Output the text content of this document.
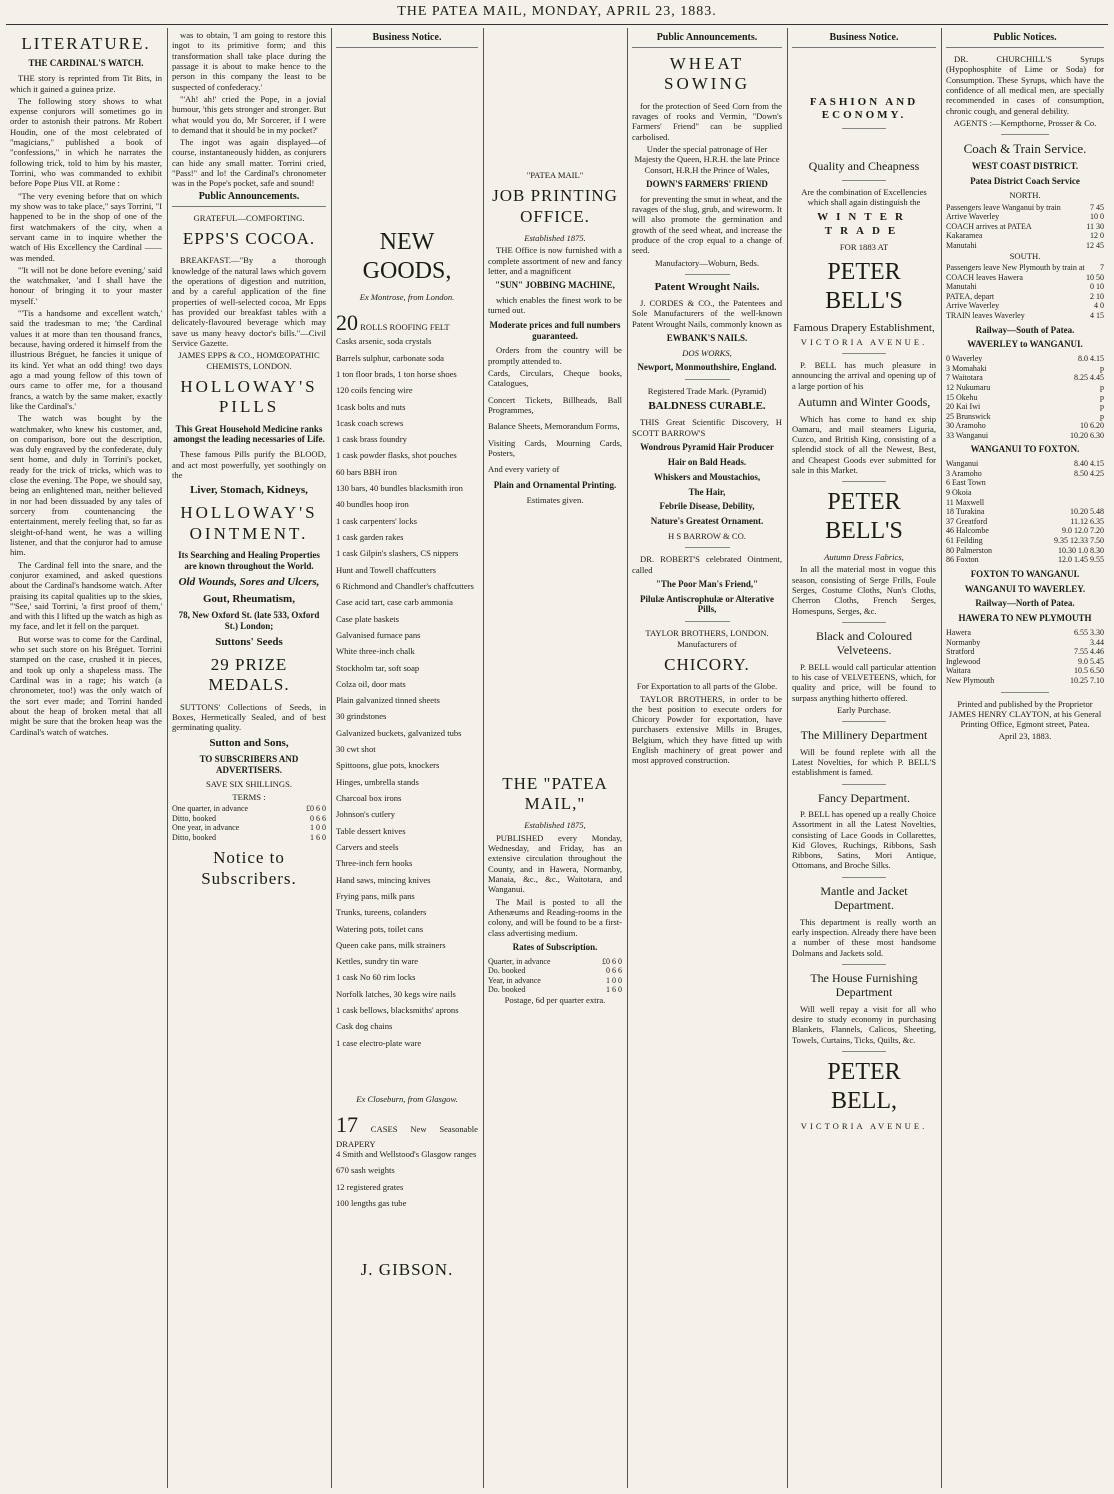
THE PATEA MAIL, MONDAY, APRIL 23, 1883.
LITERATURE.
THE CARDINAL'S WATCH.

THE story is reprinted from Tit Bits, in which it gained a guinea prize.

The following story shows to what expense conjurors will sometimes go in order to astonish their patrons. Mr Robert Houdin, one of the most celebrated of "magicians," published a book of "confessions," in which he narrates the following trick, told to him by his master, Torrini, who was commanded to exhibit before Pope Pius VII. at Rome :

"The very evening before that on which my show was to take place," says Torrini, "I happened to be in the shop of one of the first watchmakers of the city, when a servant came in to inquire whether the watch of His Excellency the Cardinal —— was mended.

"'It will not be done before evening,' said the watchmaker, 'and I shall have the honour of bringing it to your master myself.'

"'Tis a handsome and excellent watch,' said the tradesman to me; 'the Cardinal values it at more than ten thousand francs, because, having ordered it himself from the illustrious Bréguet, he fancies it unique of its kind. Yet what an odd thing! two days ago a mad young fellow of this town of ours came to offer me, for a thousand francs, a watch by the same maker, exactly like the Cardinal's.'

The watch was bought by the watchmaker, who knew his customer, and, on comparison, bore out the description, was duly engraved by the confederate, duly sent home, and duly in Torrini's pocket, ready for the trick of tricks, which was to close the evening. The Pope, we should say, being an enlightened man, neither believed in nor had been dissuaded by any tales of sorcery from countenancing the entertainment, merely feeling that, so far as sleight-of-hand went, he was a willing listener, and that the conjuror had to amuse him.

The Cardinal fell into the snare, and the conjuror examined, and asked questions about the Cardinal's handsome watch. After praising its capital qualities up to the skies, "'See,' said Torrini, 'a first proof of them,' and with this I lifted up the watch as high as my face, and let it fell on the parquet.

But worse was to come for the Cardinal, who set such store on his Bréguet. Torrini stamped on the case, crushed it in pieces, and took up only a shapeless mass. The Cardinal was in a rage; his watch (a chronometer, too!) was the only watch of the sort ever made; and Torrini handed about the heap of broken metal that all might be sure that the broken heap was the Cardinal's watch of watches.

was to obtain, 'I am going to restore this ingot to its primitive form; and this transformation shall take place during the passage it is about to make hence to the person in this company the least to be suspected of confederacy.'

"'Ah! ah!' cried the Pope, in a jovial humour, 'this gets stronger and stronger. But what would you do, Mr Sorcerer, if I were to demand that it should be in my pocket?'

The ingot was again displayed—of course, instantaneously hidden, as conjurers can hide any small matter. Torrini cried, "Pass!" and lo! the Cardinal's chronometer was in the Pope's pocket, safe and sound!

Public Announcements.

GRATEFUL—COMFORTING.

EPPS'S COCOA.

BREAKFAST.—"By a thorough knowledge of the natural laws which govern the operations of digestion and nutrition, and by a careful application of the fine properties of well-selected cocoa, Mr Epps has provided our breakfast tables with a delicately-flavoured beverage which may save us many heavy doctor's bills."—Civil Service Gazette.

JAMES EPPS & CO., HOMŒOPATHIC CHEMISTS, LONDON.

HOLLOWAY'S PILLS
This Great Household Medicine ranks amongst the leading necessaries of Life.

These famous Pills purify the BLOOD, and act most powerfully, yet soothingly on the

Liver, Stomach, Kidneys,
HOLLOWAY'S OINTMENT.
Its Searching and Healing Properties are known throughout the World.
Old Wounds, Sores and Ulcers,
Gout, Rheumatism,
78, New Oxford St. (late 533, Oxford St.) London;
Suttons' Seeds
29 PRIZE MEDALS.

SUTTONS' Collections of Seeds, in Boxes, Hermetically Sealed, and of best germinating quality.

Sutton and Sons,
TO SUBSCRIBERS AND ADVERTISERS.

SAVE SIX SHILLINGS.

TERMS :

One quarter, in advance	£0 6 0
Ditto, booked	0 6 6
One year, in advance	1 0 0
Ditto, booked	1 6 0
Notice to Subscribers.
Business Notice.
NEW GOODS,

Ex Montrose, from London.

20 ROLLS ROOFING FELT

Casks arsenic, soda crystals

Barrels sulphur, carbonate soda

1 ton floor brads, 1 ton horse shoes

120 coils fencing wire

1cask bolts and nuts

1cask coach screws

1 cask brass foundry

1 cask powder flasks, shot pouches

60 bars BBH iron

130 bars, 40 bundles blacksmith iron

40 bundles hoop iron

1 cask carpenters' locks

1 cask garden rakes

1 cask Gilpin's slashers, CS nippers

Hunt and Towell chaffcutters

6 Richmond and Chandler's chaffcutters

Case acid tart, case carb ammonia

Case plate baskets

Galvanised furnace pans

White three-inch chalk

Stockholm tar, soft soap

Colza oil, door mats

Plain galvanized tinned sheets

30 grindstones

Galvanized buckets, galvanized tubs

30 cwt shot

Spittoons, glue pots, knockers

Hinges, umbrella stands

Charcoal box irons

Johnson's cutlery

Table dessert knives

Carvers and steels

Three-inch fern hooks

Hand saws, mincing knives

Frying pans, milk pans

Trunks, tureens, colanders

Watering pots, toilet cans

Queen cake pans, milk strainers

Kettles, sundry tin ware

1 cask No 60 rim locks

Norfolk latches, 30 kegs wire nails

1 cask bellows, blacksmiths' aprons

Cask dog chains

1 case electro-plate ware

Ex Closeburn, from Glasgow.

17 CASES New Seasonable DRAPERY

4 Smith and Wellstood's Glasgow ranges

670 sash weights

12 registered grates

100 lengths gas tube

J. GIBSON.

"PATEA MAIL"

JOB PRINTING OFFICE.

Established 1875.

THE Office is now furnished with a complete assortment of new and fancy letter, and a magnificent

"SUN" JOBBING MACHINE,

which enables the finest work to be turned out.

Moderate prices and full numbers guaranteed.

Orders from the country will be promptly attended to.

Cards, Circulars, Cheque books, Catalogues,

Concert Tickets, Billheads, Ball Programmes,

Balance Sheets, Memorandum Forms,

Visiting Cards, Mourning Cards, Posters,

And every variety of

Plain and Ornamental Printing.

Estimates given.

THE "PATEA MAIL,"

Established 1875,

PUBLISHED every Monday, Wednesday, and Friday, has an extensive circulation throughout the County, and in Hawera, Normanby, Manaia, &c., &c., Waitotara, and Wanganui.

The Mail is posted to all the Athenæums and Reading-rooms in the colony, and will be found to be a first-class advertising medium.

Rates of Subscription.
Quarter, in advance	£0 6 0
Do. booked	0 6 6
Year, in advance	1 0 0
Do. booked	1 6 0

Postage, 6d per quarter extra.

Public Announcements.
WHEAT SOWING

for the protection of Seed Corn from the ravages of rooks and Vermin, "Down's Farmers' Friend" can be supplied carbolised.

Under the special patronage of Her Majesty the Queen, H.R.H. the late Prince Consort, H.R.H the Prince of Wales,

DOWN'S FARMERS' FRIEND

for preventing the smut in wheat, and the ravages of the slug, grub, and wireworm. It will also promote the germination and growth of the seed wheat, and increase the produce of the crop equal to a change of seed.

Manufactory—Woburn, Beds.

Patent Wrought Nails.

J. CORDES & CO., the Patentees and Sole Manufacturers of the well-known Patent Wrought Nails, commonly known as

EWBANK'S NAILS.

DOS WORKS,

Newport, Monmouthshire, England.

Registered Trade Mark. (Pyramid)

BALDNESS CURABLE.

THIS Great Scientific Discovery, H SCOTT BARROW'S

Wondrous Pyramid Hair Producer
Hair on Bald Heads.
Whiskers and Moustachios,
The Hair,
Febrile Disease, Debility,
Nature's Greatest Ornament.

H S BARROW & CO.

DR. ROBERT'S celebrated Ointment, called

"The Poor Man's Friend,"
Pilulæ Antiscrophulæ or Alterative Pills,

TAYLOR BROTHERS, LONDON. Manufacturers of

CHICORY.

For Exportation to all parts of the Globe.

TAYLOR BROTHERS, in order to be the best position to execute orders for Chicory Powder for exportation, have purchasers extensive Mills in Bruges, Belgium, which they have fitted up with English machinery of great power and most approved construction.

Business Notice.
FASHION AND ECONOMY.
Quality and Cheapness

Are the combination of Excellencies which shall again distinguish the

WINTER TRADE

FOR 1883 AT

PETER BELL'S

Famous Drapery Establishment,

VICTORIA AVENUE.

P. BELL has much pleasure in announcing the arrival and opening up of a large portion of his

Autumn and Winter Goods,

Which has come to hand ex ship Oamaru, and mail steamers Liguria, Cuzco, and British King, consisting of a splendid stock of all the Newest, Best, and Cheapest Goods ever submitted for sale in this Market.

PETER BELL'S

Autumn Dress Fabrics,

In all the material most in vogue this season, consisting of Serge Frills, Foule Serges, Costume Cloths, Nun's Cloths, Cherron Cloths, French Serges, Homespuns, Serges, &c.

Black and Coloured Velveteens.

P. BELL would call particular attention to his case of VELVETEENS, which, for quality and price, will be found to surpass anything hitherto offered.

Early Purchase.

The Millinery Department

Will be found replete with all the Latest Novelties, for which P. BELL'S establishment is famed.

Fancy Department.

P. BELL has opened up a really Choice Assortment in all the Latest Novelties, consisting of Lace Goods in Collarettes, Kid Gloves, Ruchings, Ribbons, Sash Ribbons, Satins, Mori Antique, Ottomans, and Broche Silks.

Mantle and Jacket Department.

This department is really worth an early inspection. Already there have been a number of these most handsome Dolmans and Jackets sold.

The House Furnishing Department

Will well repay a visit for all who desire to study economy in purchasing Blankets, Flannels, Calicos, Sheeting, Towels, Curtains, Ticks, Quilts, &c.

PETER BELL,

VICTORIA AVENUE.

Public Notices.

DR. CHURCHILL'S Syrups (Hypophosphite of Lime or Soda) for Consumption. These Syrups, which have the confidence of all medical men, are specially recommended in cases of consumption, chronic cough, and general debility.

AGENTS :—Kempthorne, Prosser & Co.

Coach & Train Service.
WEST COAST DISTRICT.
Patea District Coach Service

NORTH.

Passengers leave Wanganui by train	7 45
Arrive Waverley	10 0
COACH arrives at PATEA	11 30
Kakaramea	12 0
Manutahi	12 45

SOUTH.

Passengers leave New Plymouth by train at	7
COACH leaves Hawera	10 50
Manutahi	0 10
PATEA, depart	2 10
Arrive Waverley	4 0
TRAIN leaves Waverley	4 15
Railway—South of Patea.
WAVERLEY to WANGANUI.
0 Waverley	8.0 4.15
3 Momahaki	p
7 Waitotara	8.25 4.45
12 Nukumaru	p
15 Okehu	p
20 Kai Iwi	p
25 Brunswick	p
30 Aramoho	10 6.20
33 Wanganui	10.20 6.30
WANGANUI TO FOXTON.
Wanganui	8.40 4.15
3 Aramoho	8.50 4.25
6 East Town	
9 Okoia	
11 Maxwell	
18 Turakina	10.20 5.48
37 Greatford	11.12 6.35
46 Halcombe	9.0 12.0 7.20
61 Feilding	9.35 12.33 7.50
80 Palmerston	10.30 1.0 8.30
86 Foxton	12.0 1.45 9.55
FOXTON TO WANGANUI.
WANGANUI TO WAVERLEY.
Railway—North of Patea.
HAWERA TO NEW PLYMOUTH
Hawera	6.55 3.30
Normanby	3.44
Stratford	7.55 4.46
Inglewood	9.0 5.45
Waitara	10.5 6.50
New Plymouth	10.25 7.10

Printed and published by the Proprietor JAMES HENRY CLAYTON, at his General Printing Office, Egmont street, Patea.

April 23, 1883.
